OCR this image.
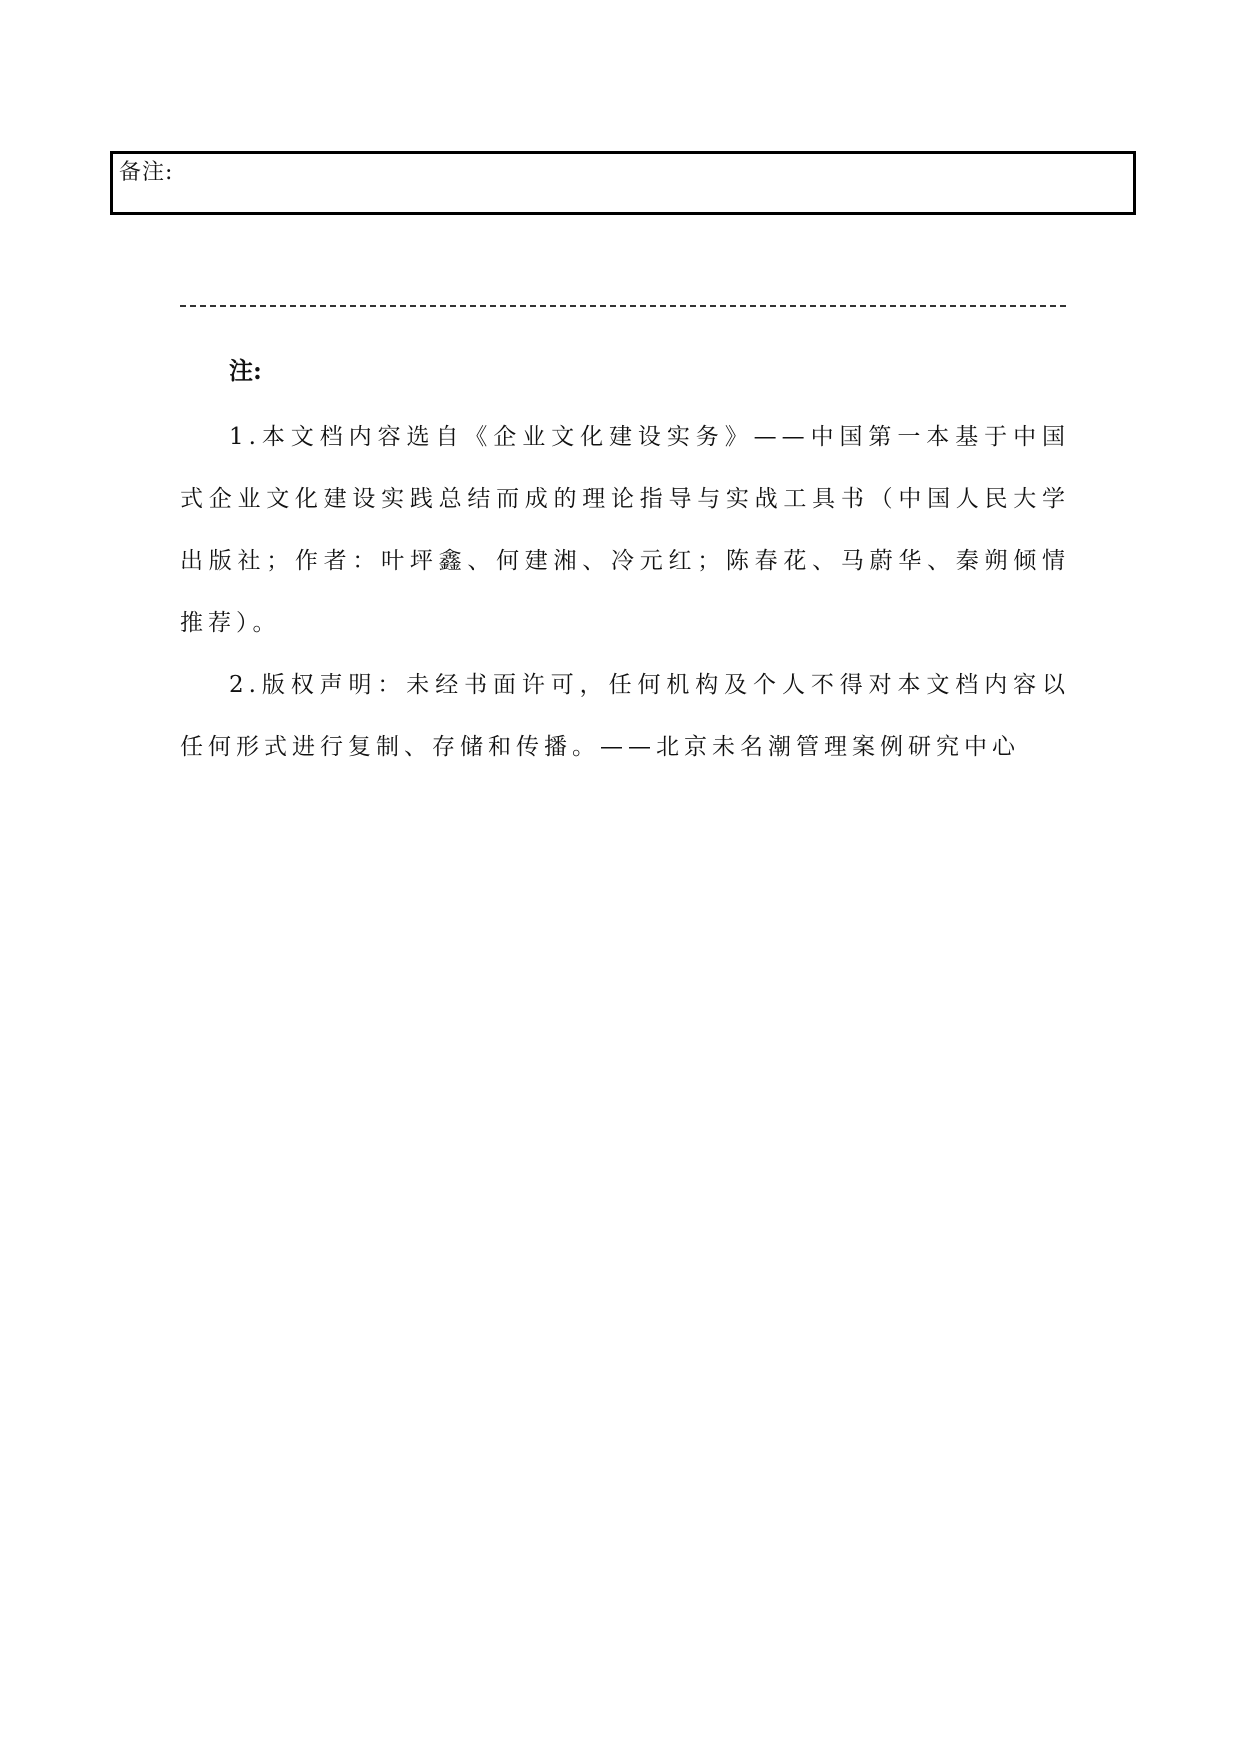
备注:
注:

1.本文档内容选自《企业文化建设实务》——中国第一本基于中国式企业文化建设实践总结而成的理论指导与实战工具书（中国人民大学出版社；作者：叶坪鑫、何建湘、冷元红；陈春花、马蔚华、秦朔倾情推荐）。

2.版权声明：未经书面许可，任何机构及个人不得对本文档内容以任何形式进行复制、存储和传播。——北京未名潮管理案例研究中心
